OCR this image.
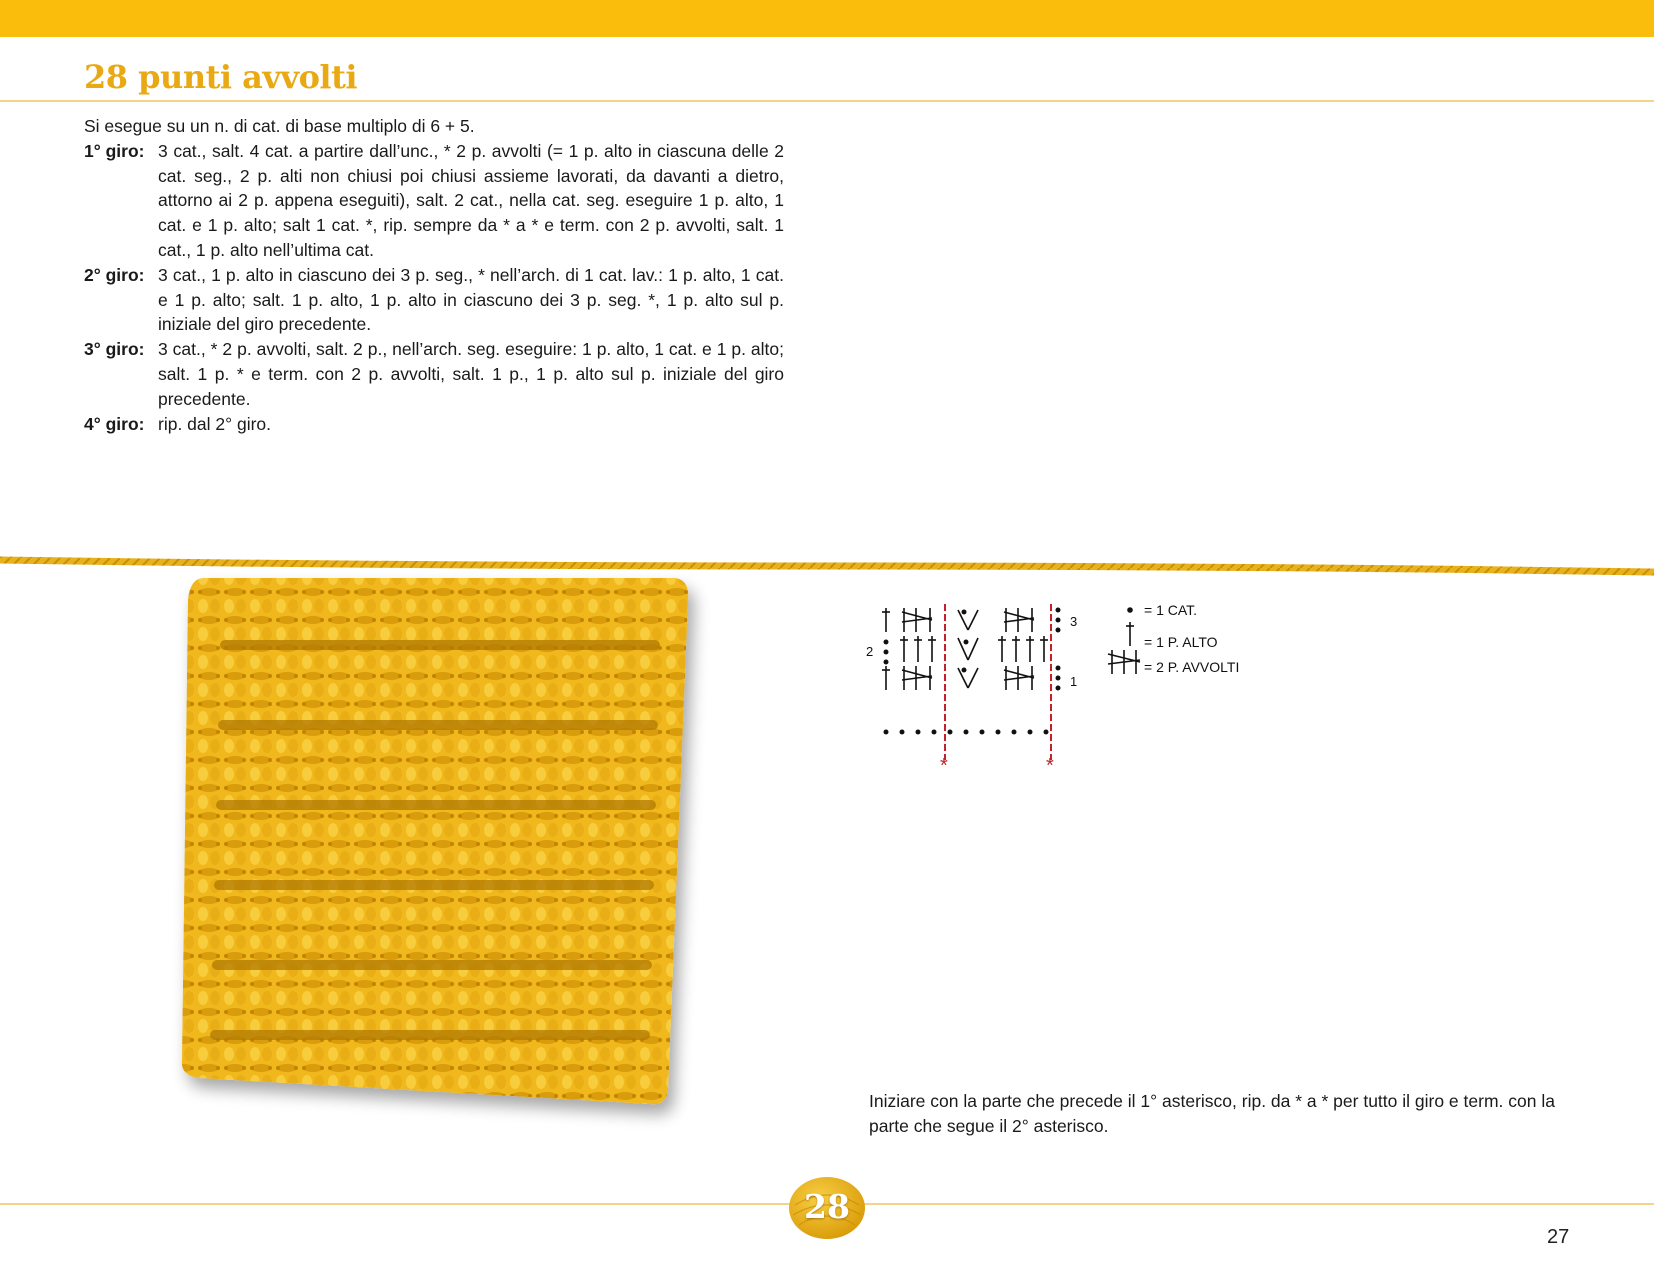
28 punti avvolti

Si esegue su un n. di cat. di base multiplo di 6 + 5.

1° giro: 3 cat., salt. 4 cat. a partire dall’unc., * 2 p. avvolti (= 1 p. alto in ciascuna delle 2 cat. seg., 2 p. alti non chiusi poi chiusi assieme lavorati, da davanti a dietro, attorno ai 2 p. appena eseguiti), salt. 2 cat., nella cat. seg. eseguire 1 p. alto, 1 cat. e 1 p. alto; salt 1 cat. *, rip. sempre da * a * e term. con 2 p. avvolti, salt. 1 cat., 1 p. alto nell’ultima cat.
2° giro: 3 cat., 1 p. alto in ciascuno dei 3 p. seg., * nell’arch. di 1 cat. lav.: 1 p. alto, 1 cat. e 1 p. alto; salt. 1 p. alto, 1 p. alto in ciascuno dei 3 p. seg. *, 1 p. alto sul p. iniziale del giro precedente.
3° giro: 3 cat., * 2 p. avvolti, salt. 2 p., nell’arch. seg. eseguire: 1 p. alto, 1 cat. e 1 p. alto; salt. 1 p. * e term. con 2 p. avvolti, salt. 1 p., 1 p. alto sul p. iniziale del giro precedente.
4° giro: rip. dal 2° giro.
*	*
3
2
1
= 1 CAT.
= 1 P. ALTO
= 2 P. AVVOLTI

Iniziare con la parte che precede il 1° asterisco, rip. da * a * per tutto il giro e term. con la parte che segue il 2° asterisco.

28
27
